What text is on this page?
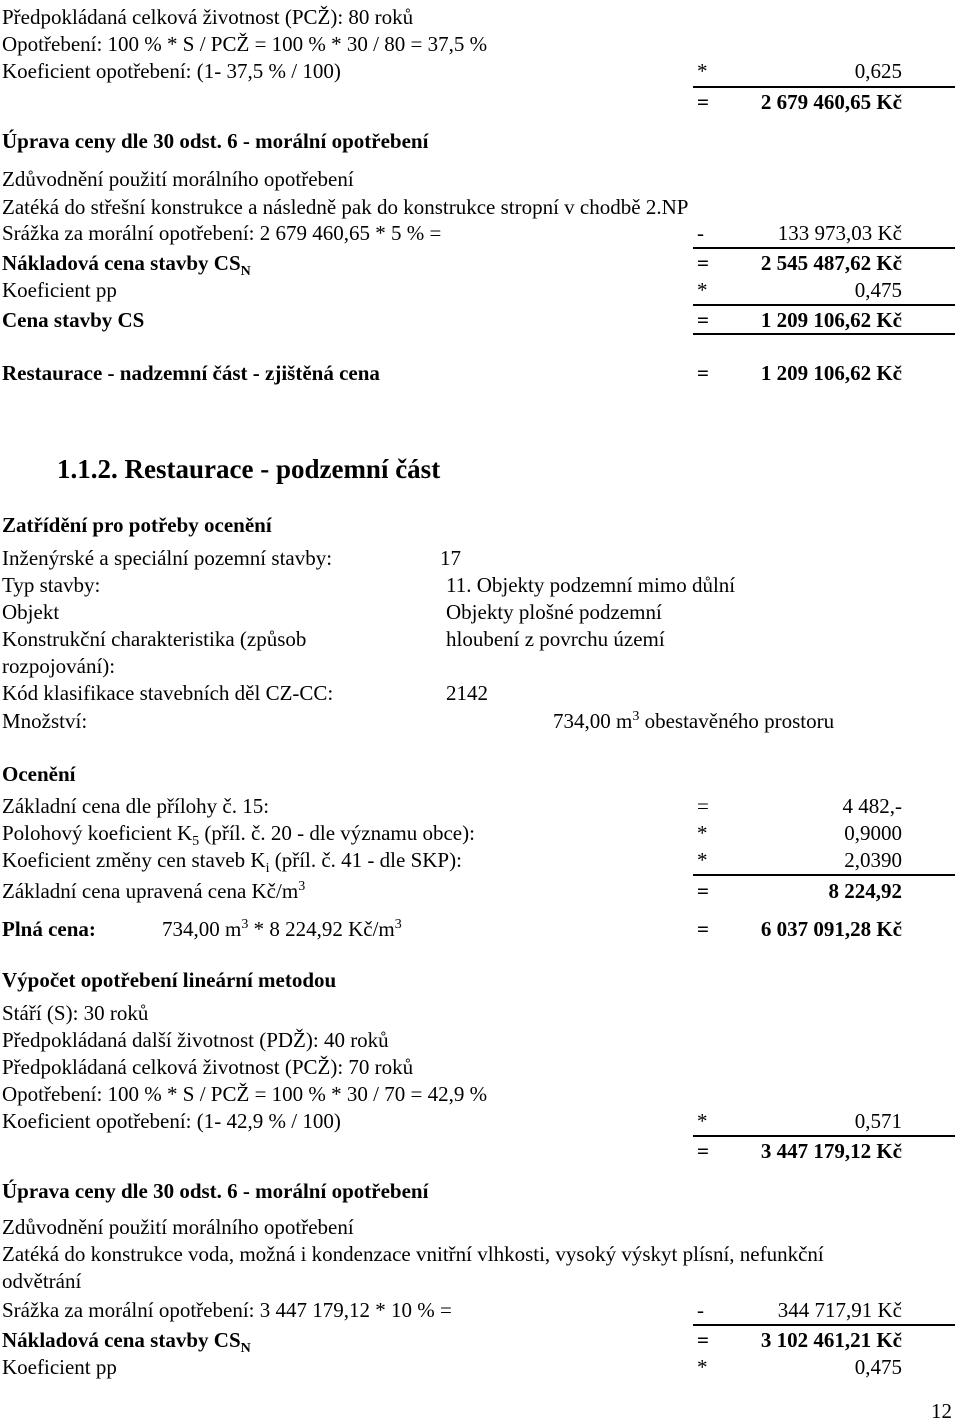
Předpokládaná celková životnost (PCŽ): 80 roků
Opotřebení: 100 % * S / PCŽ = 100 % * 30 / 80 = 37,5 %
Koeficient opotřebení: (1- 37,5 % / 100)	*	0,625
= 2 679 460,65 Kč
Úprava ceny dle 30 odst. 6 - morální opotřebení
Zdůvodnění použití morálního opotřebení
Zatéká do střešní konstrukce a následně pak do konstrukce stropní v chodbě 2.NP
Srážka za morální opotřebení: 2 679 460,65 * 5 % =	-	133 973,03 Kč
Nákladová cena stavby $CS_N$	= 2 545 487,62 Kč
Koeficient pp	*	0,475
Cena stavby CS	= 1 209 106,62 Kč
Restaurace - nadzemní část - zjištěná cena	= 1 209 106,62 Kč
1.1.2. Restaurace - podzemní část
Zatřídění pro potřeby ocenění
Inženýrské a speciální pozemní stavby:	17
Typ stavby:	11. Objekty podzemní mimo důlní
Objekt	Objekty plošné podzemní
Konstrukční charakteristika (způsob	hloubení z povrchu území
rozpojování):
Kód klasifikace stavebních děl CZ-CC:	2142
Množství:	734,00 $m^3$ obestavěného prostoru
Ocenění
Základní cena dle přílohy č. 15:	=	4 482,-
Polohový koeficient $K_5$ (příl. č. 20 - dle významu obce):	*	0,9000
Koeficient změny cen staveb $K_i$ (příl. č. 41 - dle SKP):	*	2,0390
Základní cena upravená cena $Kč/m^3$	=	8 224,92
Plná cena:	734,00 $m^3 * 8$ 224,92 $Kč/m^3$	= 6 037 091,28 Kč
Výpočet opotřebení lineární metodou
Stáří (S): 30 roků
Předpokládaná další životnost (PDŽ): 40 roků
Předpokládaná celková životnost (PCŽ): 70 roků
Opotřebení: 100 % * S / PCŽ = 100 % * 30 / 70 = 42,9 %
Koeficient opotřebení: (1- 42,9 % / 100)	*	0,571
= 3 447 179,12 Kč
Úprava ceny dle 30 odst. 6 - morální opotřebení
Zdůvodnění použití morálního opotřebení
Zatéká do konstrukce voda, možná i kondenzace vnitřní vlhkosti, vysoký výskyt plísní, nefunkční
odvětrání
Srážka za morální opotřebení: 3 447 179,12 * 10 % =	-	344 717,91 Kč
Nákladová cena stavby $CS_N$	= 3 102 461,21 Kč
Koeficient pp	*	0,475
12
